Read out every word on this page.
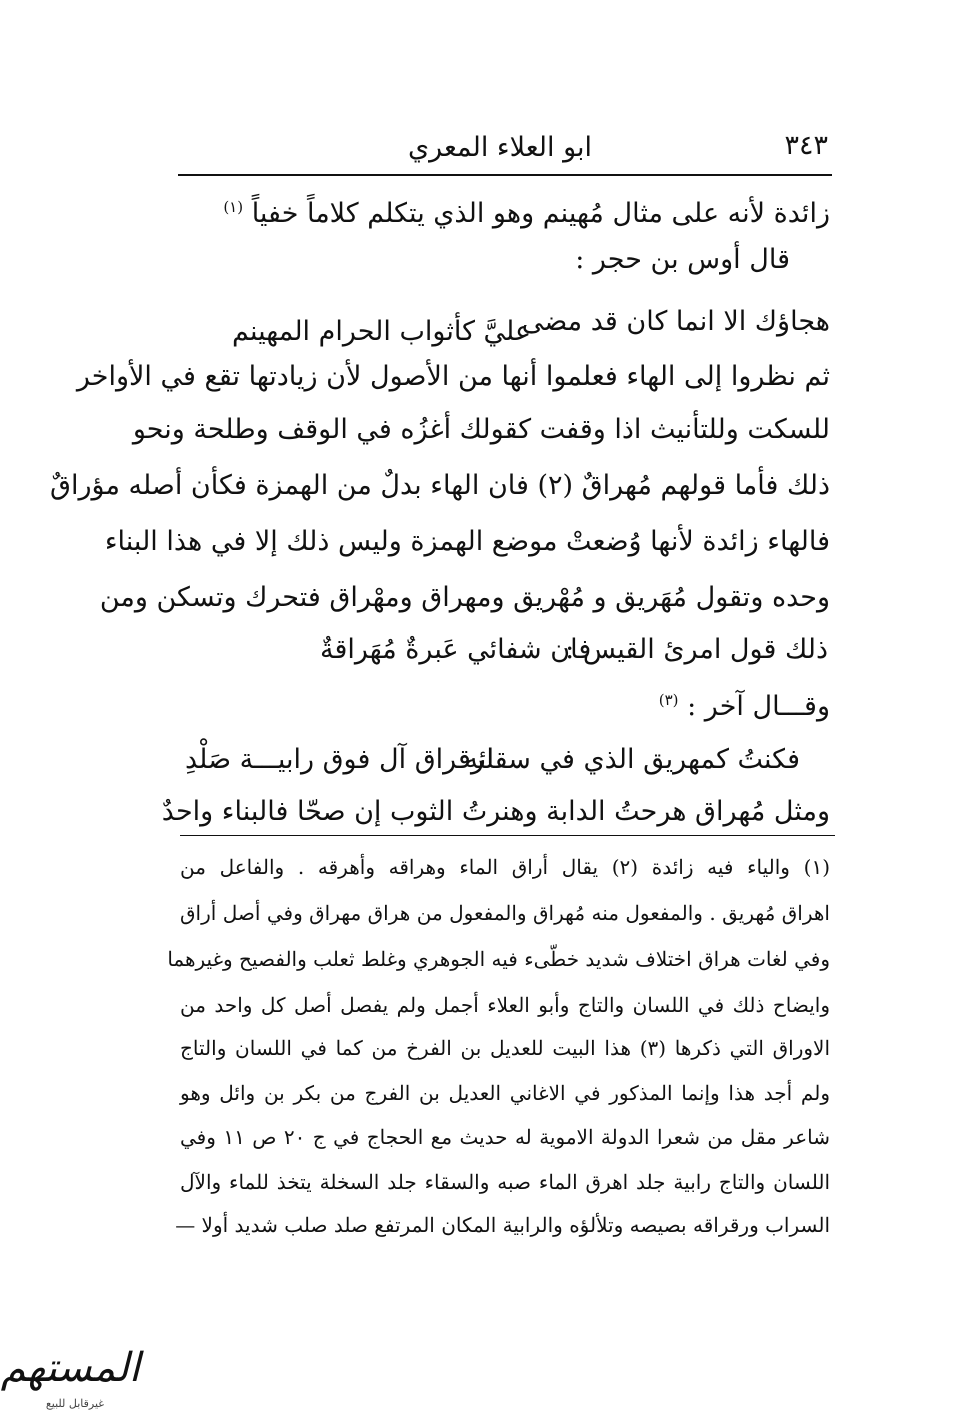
ابو العلاء المعري	٣٤٣
زائدة لأنه على مثال مُهينم وهو الذي يتكلم كلاماً خفياً $^{(١)}$
قال أوس بن حجر :
هجاؤك الا انما كان قد مضى
عليَّ كأثواب الحرام المهينم
ثم نظروا إلى الهاء فعلموا أنها من الأصول لأن زيادتها تقع في الأواخر
للسكت وللتأنيث اذا وقفت كقولك أغزُه في الوقف وطلحة ونحو
ذلك فأما قولهم مُهراقٌ (٢) فان الهاء بدلٌ من الهمزة فكأن أصله مؤراقٌ
فالهاء زائدة لأنها وُضعتْ موضع الهمزة وليس ذلك إلا في هذا البناء
وحده وتقول مُهَريق و مُهْريق ومهراق ومهْراق فتحرك وتسكن ومن
ذلك قول امرئ القيس :
فان شفائي عَبرةٌ مُهَراقةٌ
وقـــال آخر : $^{(٣)}$
فكنتُ كمهريق الذي في سقائه
لرقراق آل فوق رابيـــة صَلْدِ
ومثل مُهراق هرحتُ الدابة وهنرتُ الثوب إن صحّا فالبناء واحدٌ
(١) والياء فيه زائدة (٢) يقال أراق الماء وهراقه وأهرقه . والفاعل من
اهراق مُهريق . والمفعول منه مُهراق والمفعول من هراق مهراق وفي أصل أراق
وفي لغات هراق اختلاف شديد خطّىء فيه الجوهري وغلط ثعلب والفصيح وغيرهما
وايضاح ذلك في اللسان والتاج وأبو العلاء أجمل ولم يفصل أصل كل واحد من
الاوراق التي ذكرها (٣) هذا البيت للعديل بن الفرخ من كما في اللسان والتاج
ولم أجد هذا وإنما المذكور في الاغاني العديل بن الفرج من بكر بن وائل وهو
شاعر مقل من شعرا الدولة الاموية له حديث مع الحجاج في ج ٢٠ ص ١١ وفي
اللسان والتاج رابية جلد اهرق الماء صبه والسقاء جلد السخلة يتخذ للماء والآل
السراب ورقراقه بصيصه وتلألؤه والرابية المكان المرتفع صلد صلب شديد أولا —
المستهم
غيرقابل للبيع
